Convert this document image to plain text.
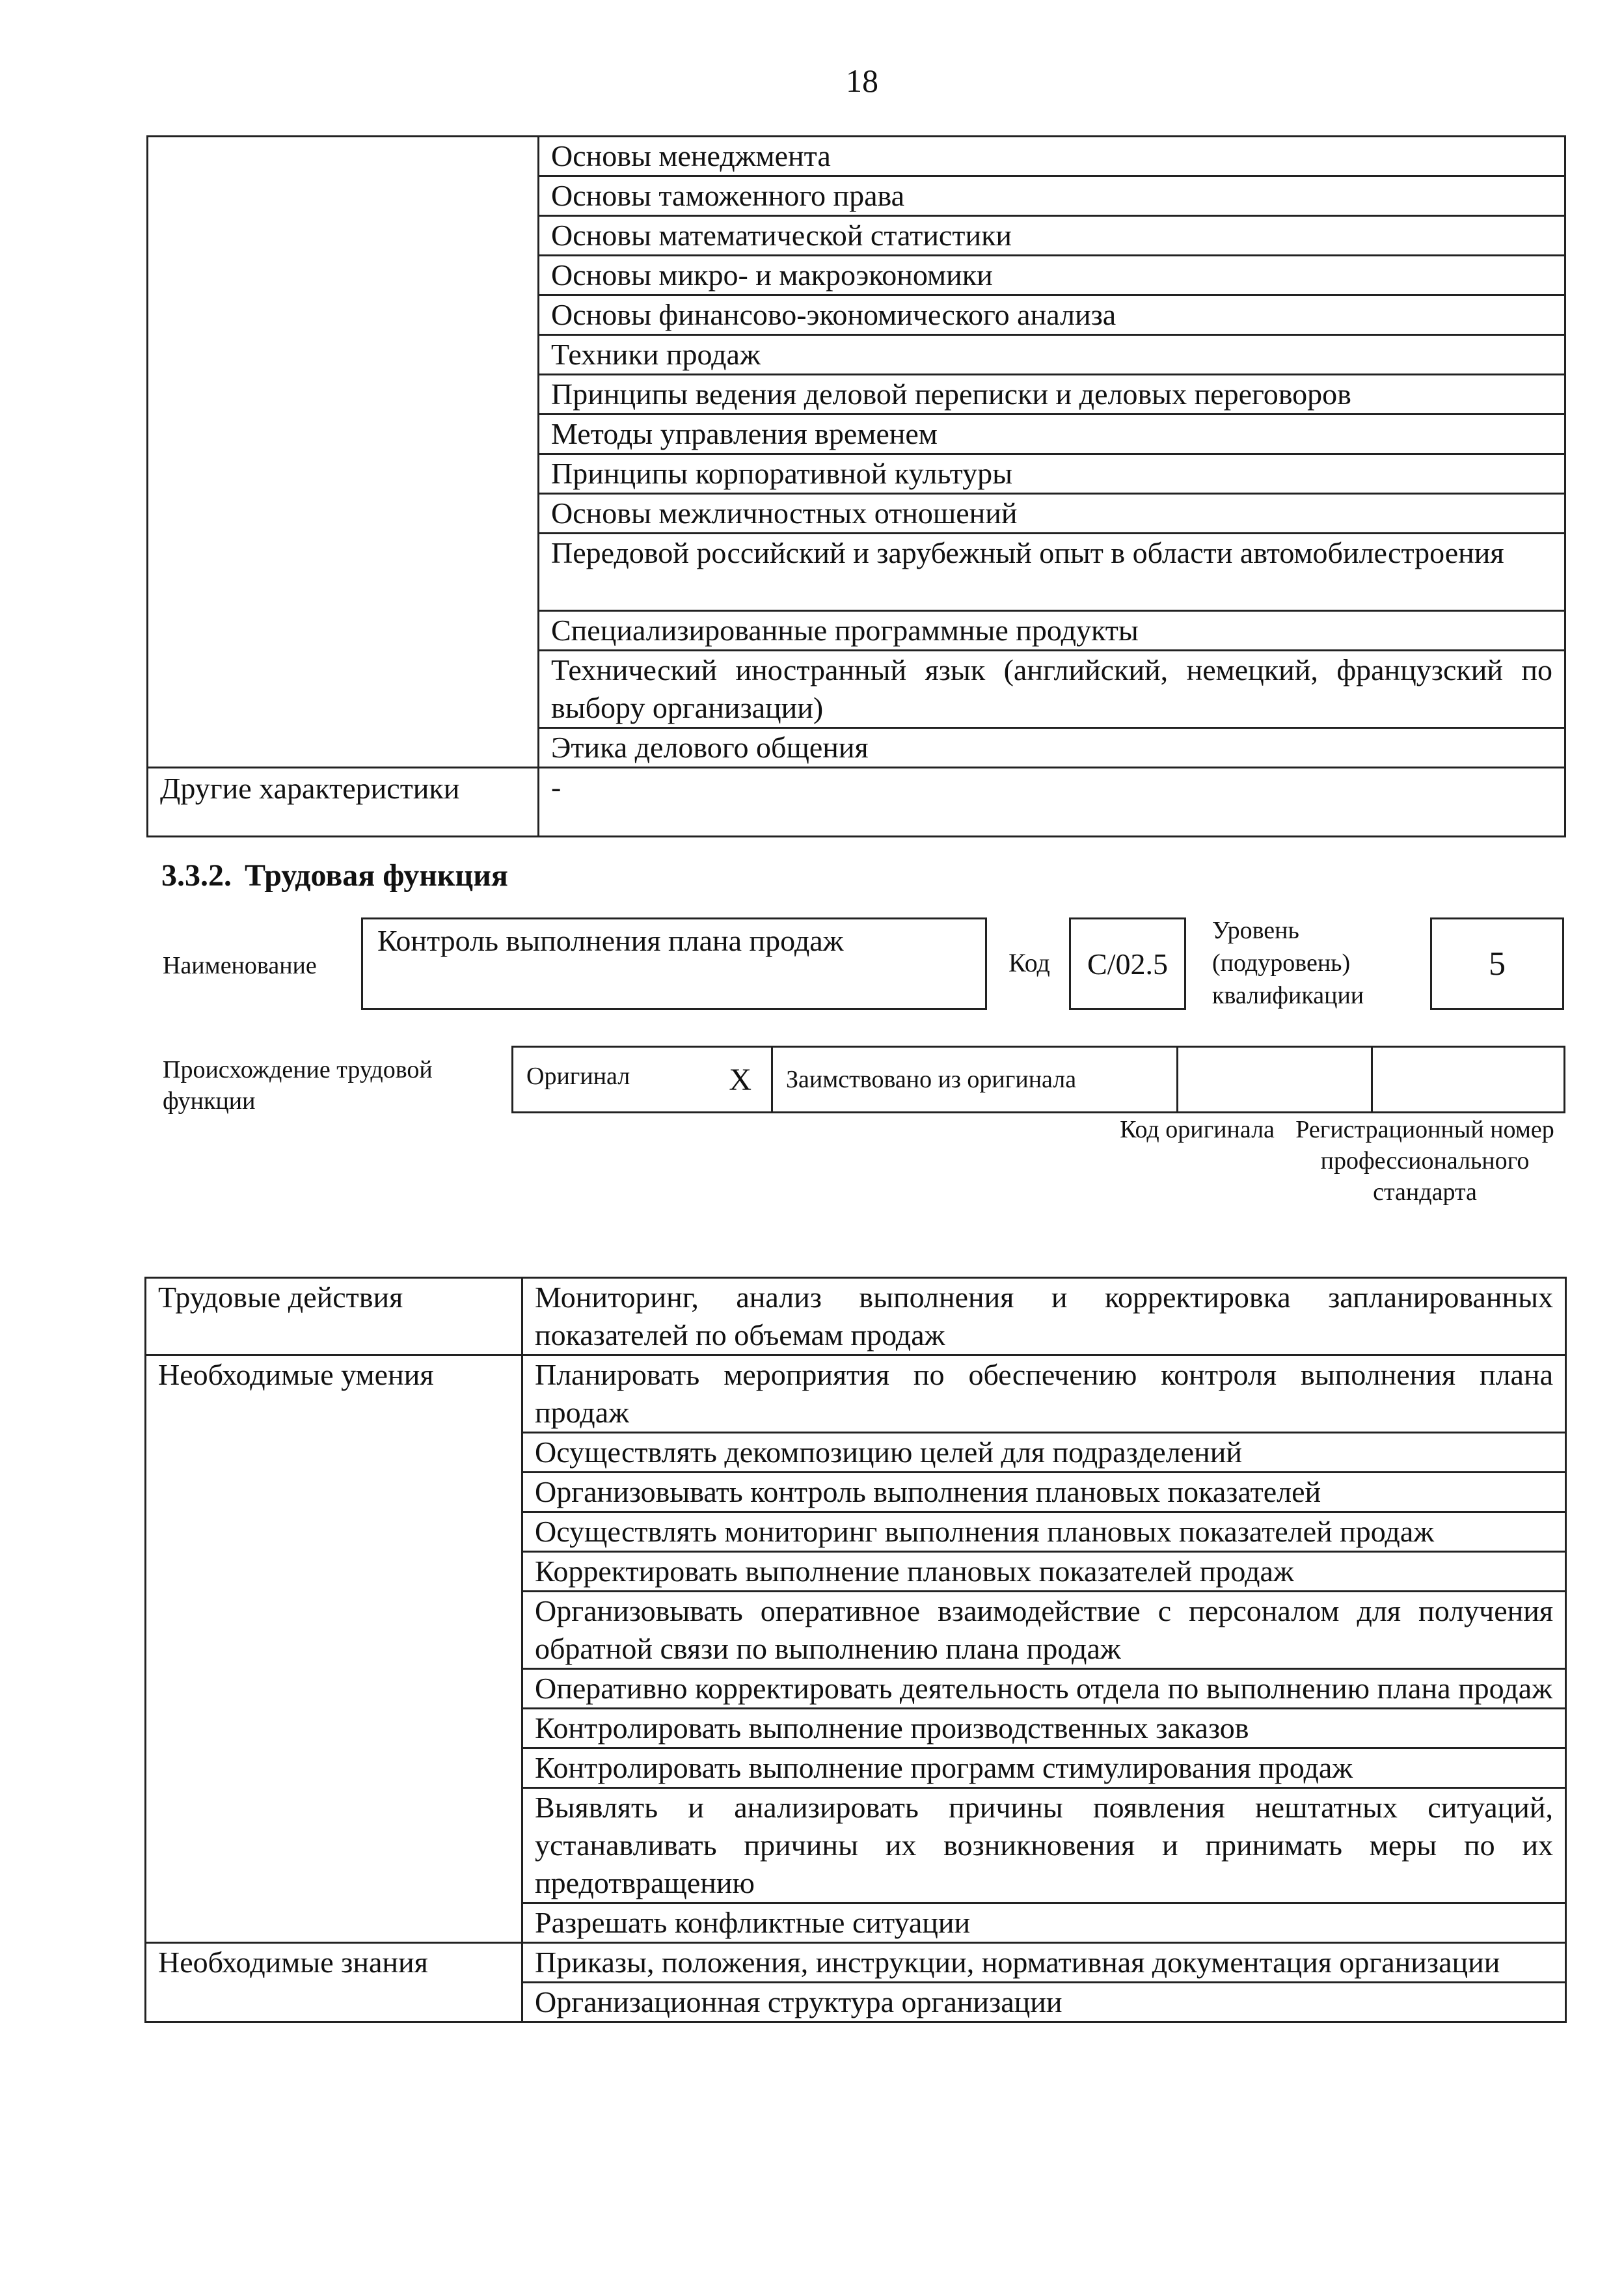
18
	Основы менеджмента
	Основы таможенного права
	Основы математической статистики
	Основы микро- и макроэкономики
	Основы финансово-экономического анализа
	Техники продаж
	Принципы ведения деловой переписки и деловых переговоров
	Методы управления временем
	Принципы корпоративной культуры
	Основы межличностных отношений
	Передовой российский и зарубежный опыт в области автомобилестроения
	Специализированные программные продукты
	Технический иностранный язык (английский, немецкий, французский по выбору организации)
	Этика делового общения
Другие характеристики	-
3.3.2. Трудовая функция
Наименование
Контроль выполнения плана продаж
Код	C/02.5
Уровень (подуровень) квалификации
5
Происхождение трудовой функции
Оригинал	X	Заимствовано из оригинала		
Код оригинала Регистрационный номер профессионального стандарта
Трудовые действия	Мониторинг, анализ выполнения и корректировка запланированных показателей по объемам продаж
Необходимые умения	Планировать мероприятия по обеспечению контроля выполнения плана продаж
	Осуществлять декомпозицию целей для подразделений
	Организовывать контроль выполнения плановых показателей
	Осуществлять мониторинг выполнения плановых показателей продаж
	Корректировать выполнение плановых показателей продаж
	Организовывать оперативное взаимодействие с персоналом для получения обратной связи по выполнению плана продаж
	Оперативно корректировать деятельность отдела по выполнению плана продаж
	Контролировать выполнение производственных заказов
	Контролировать выполнение программ стимулирования продаж
	Выявлять и анализировать причины появления нештатных ситуаций, устанавливать причины их возникновения и принимать меры по их предотвращению
	Разрешать конфликтные ситуации
Необходимые знания	Приказы, положения, инструкции, нормативная документация организации
	Организационная структура организации
